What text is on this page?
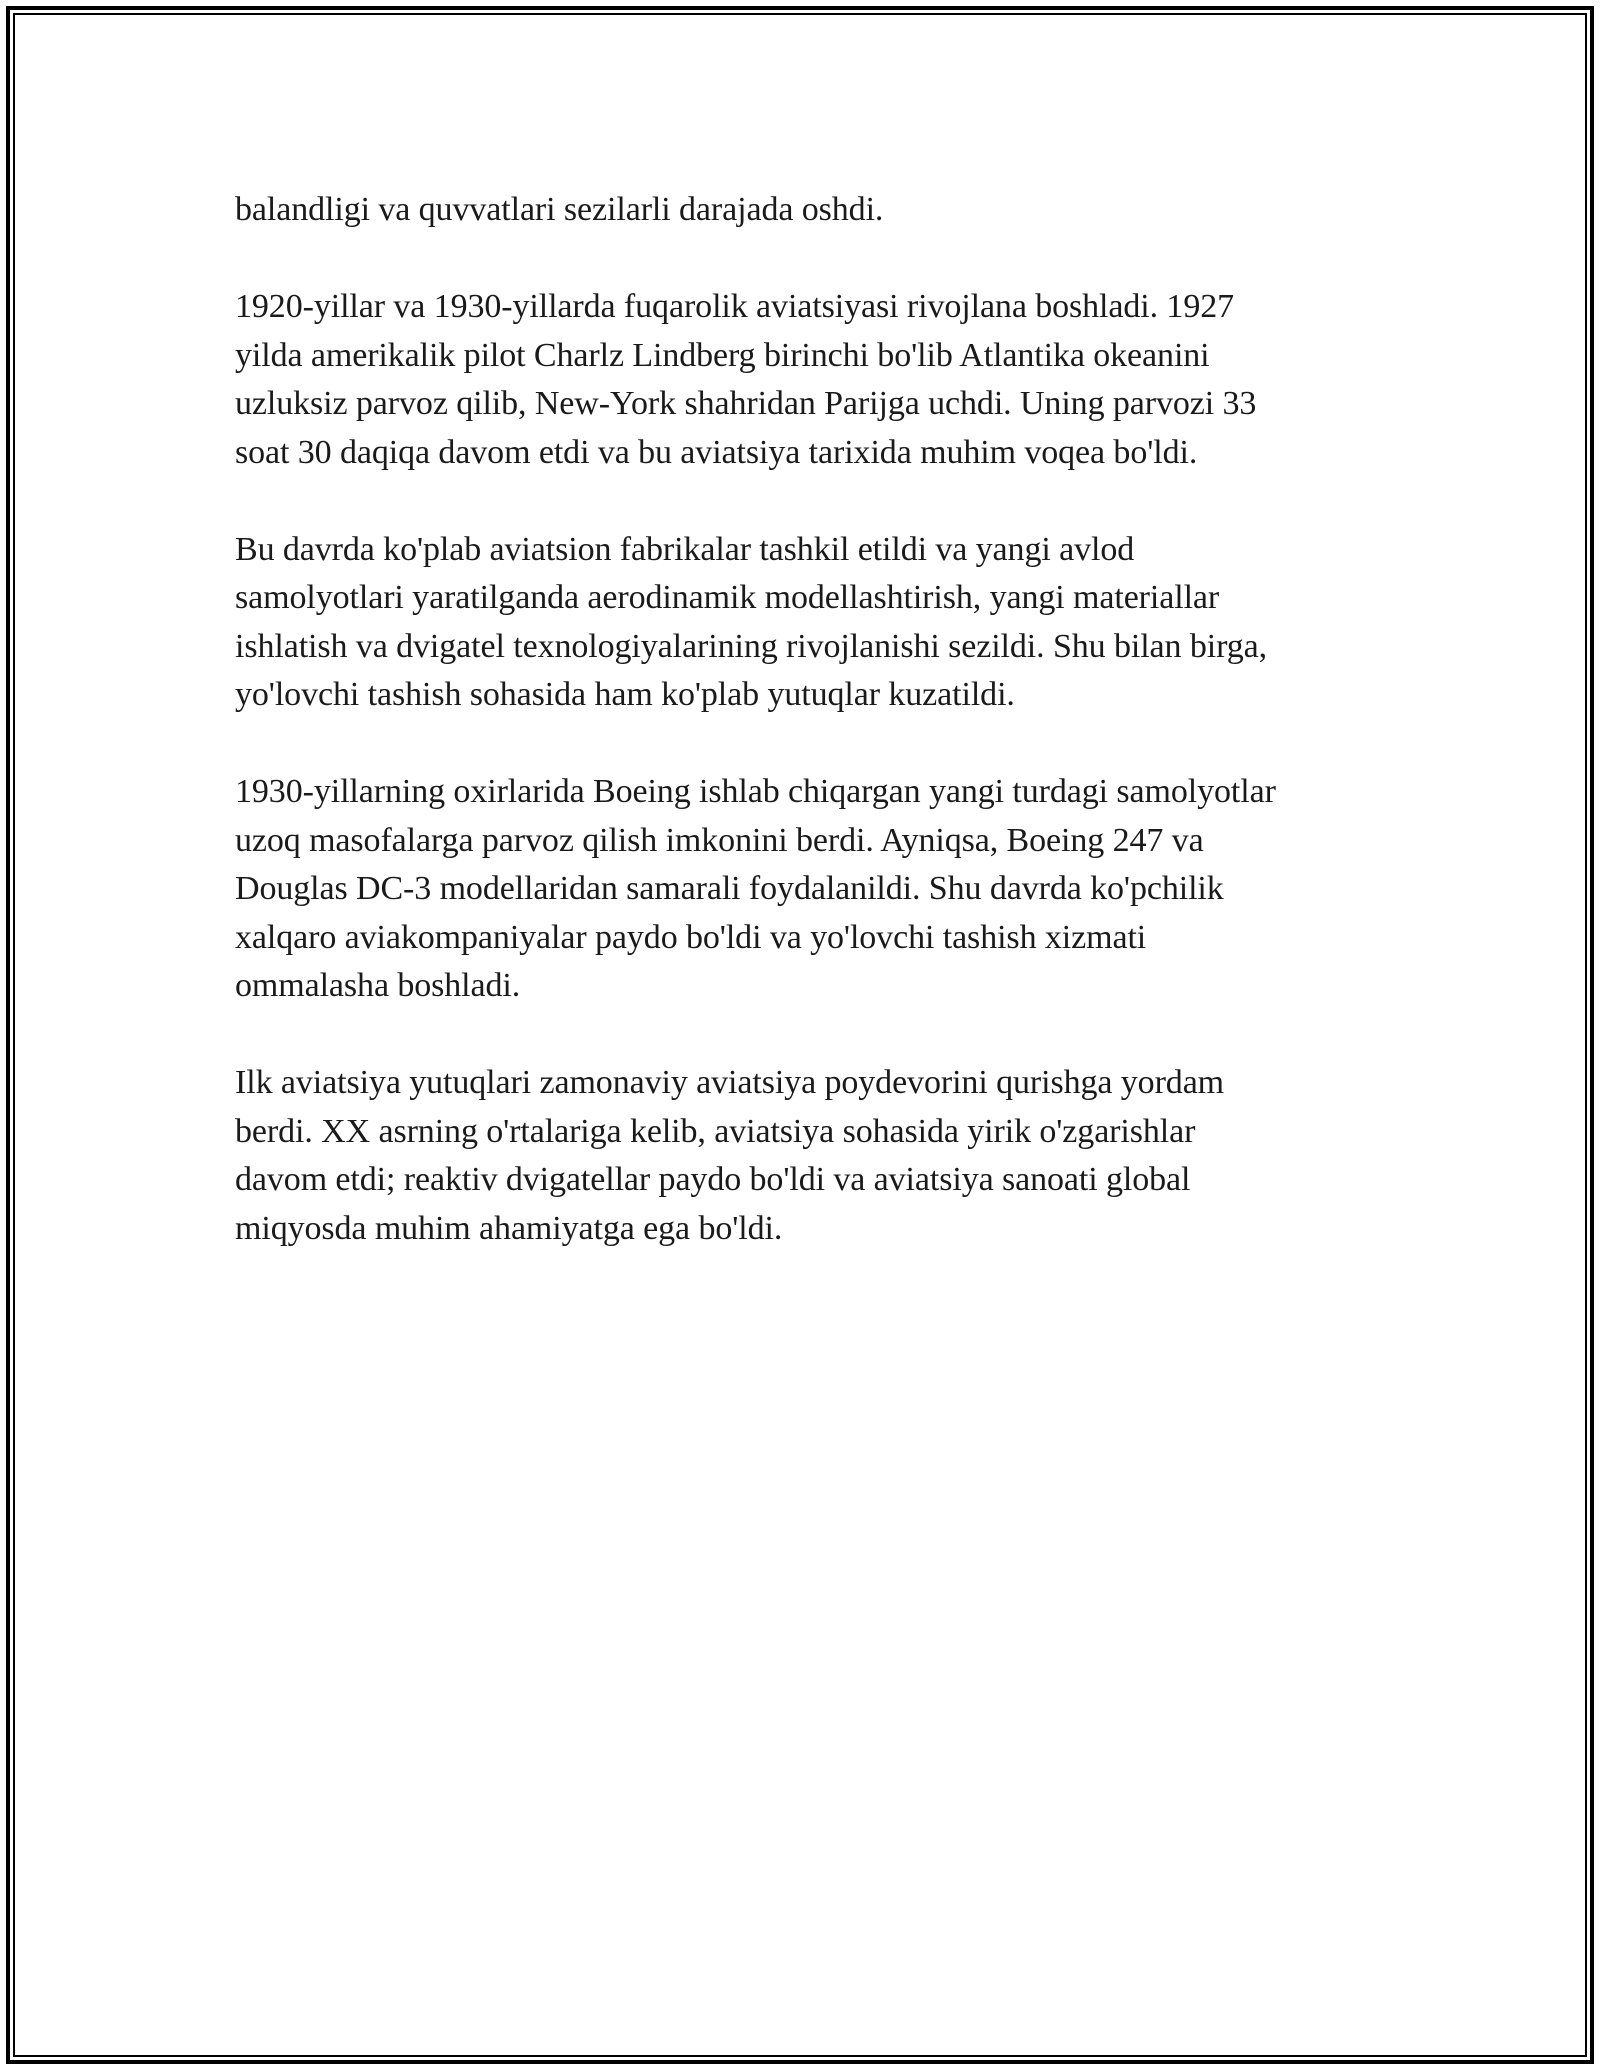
balandligi va quvvatlari sezilarli darajada oshdi.

1920-yillar va 1930-yillarda fuqarolik aviatsiyasi rivojlana boshladi. 1927
yilda amerikalik pilot Charlz Lindberg birinchi bo'lib Atlantika okeanini
uzluksiz parvoz qilib, New-York shahridan Parijga uchdi. Uning parvozi 33
soat 30 daqiqa davom etdi va bu aviatsiya tarixida muhim voqea bo'ldi.

Bu davrda ko'plab aviatsion fabrikalar tashkil etildi va yangi avlod
samolyotlari yaratilganda aerodinamik modellashtirish, yangi materiallar
ishlatish va dvigatel texnologiyalarining rivojlanishi sezildi. Shu bilan birga,
yo'lovchi tashish sohasida ham ko'plab yutuqlar kuzatildi.

1930-yillarning oxirlarida Boeing ishlab chiqargan yangi turdagi samolyotlar
uzoq masofalarga parvoz qilish imkonini berdi. Ayniqsa, Boeing 247 va
Douglas DC-3 modellaridan samarali foydalanildi. Shu davrda ko'pchilik
xalqaro aviakompaniyalar paydo bo'ldi va yo'lovchi tashish xizmati
ommalasha boshladi.

Ilk aviatsiya yutuqlari zamonaviy aviatsiya poydevorini qurishga yordam
berdi. XX asrning o'rtalariga kelib, aviatsiya sohasida yirik o'zgarishlar
davom etdi; reaktiv dvigatellar paydo bo'ldi va aviatsiya sanoati global
miqyosda muhim ahamiyatga ega bo'ldi.
